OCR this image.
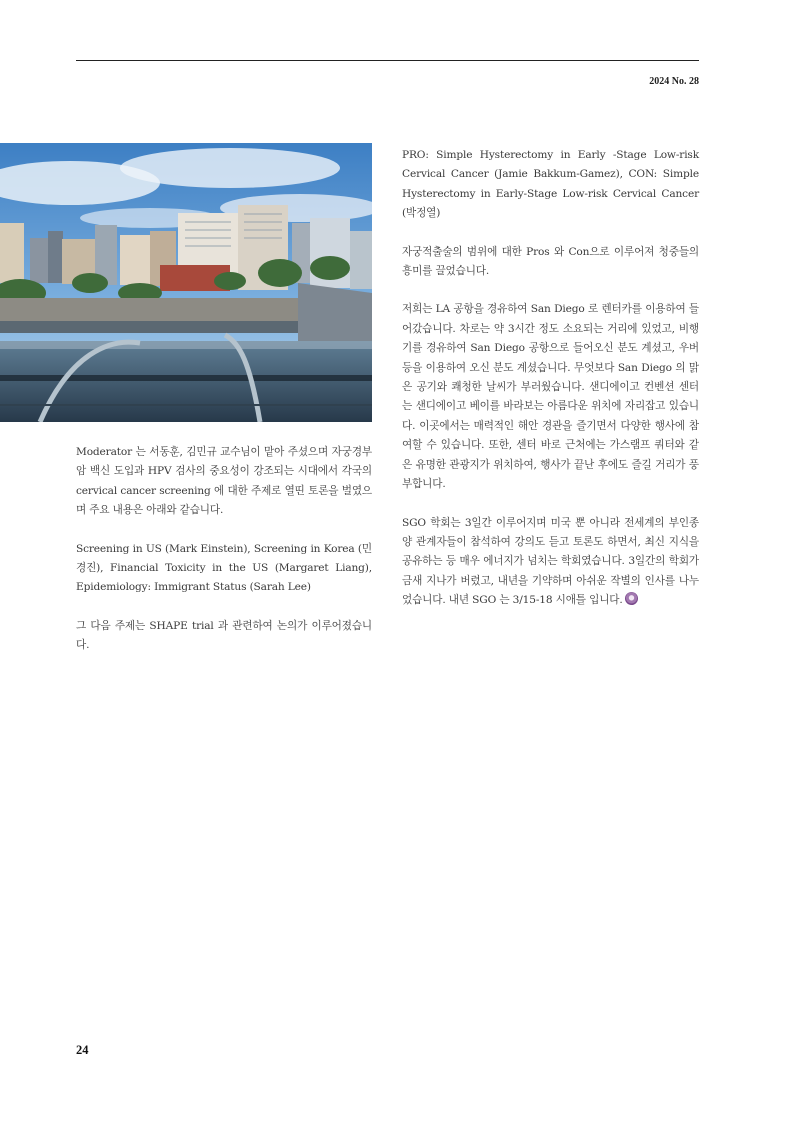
2024 No. 28

Moderator 는 서동훈, 김민규 교수님이 맡아 주셨으며 자궁경부암 백신 도입과 HPV 검사의 중요성이 강조되는 시대에서 각국의 cervical cancer screening 에 대한 주제로 열띤 토론을 벌였으며 주요 내용은 아래와 같습니다.

Screening in US (Mark Einstein), Screening in Korea (민경진), Financial Toxicity in the US (Margaret Liang), Epidemiology: Immigrant Status (Sarah Lee)

그 다음 주제는 SHAPE trial 과 관련하여 논의가 이루어졌습니다.

PRO: Simple Hysterectomy in Early -Stage Low-risk Cervical Cancer (Jamie Bakkum-Gamez), CON: Simple Hysterectomy in Early-Stage Low-risk Cervical Cancer (박정열)

자궁적출술의 범위에 대한 Pros 와 Con으로 이루어져 청중들의 흥미를 끌었습니다.

저희는 LA 공항을 경유하여 San Diego 로 렌터카를 이용하여 들어갔습니다. 차로는 약 3시간 정도 소요되는 거리에 있었고, 비행기를 경유하여 San Diego 공항으로 들어오신 분도 계셨고, 우버 등을 이용하여 오신 분도 계셨습니다. 무엇보다 San Diego 의 맑은 공기와 쾌청한 날씨가 부러웠습니다. 샌디에이고 컨벤션 센터는 샌디에이고 베이를 바라보는 아름다운 위치에 자리잡고 있습니다. 이곳에서는 매력적인 해안 경관을 즐기면서 다양한 행사에 참여할 수 있습니다. 또한, 센터 바로 근처에는 가스램프 쿼터와 같은 유명한 관광지가 위치하여, 행사가 끝난 후에도 즐길 거리가 풍부합니다.

SGO 학회는 3일간 이루어지며 미국 뿐 아니라 전세계의 부인종양 관계자들이 참석하여 강의도 듣고 토론도 하면서, 최신 지식을 공유하는 등 매우 에너지가 넘치는 학회였습니다. 3일간의 학회가 금새 지나가 버렸고, 내년을 기약하며 아쉬운 작별의 인사를 나누었습니다. 내년 SGO 는 3/15-18 시애틀 입니다.

24
